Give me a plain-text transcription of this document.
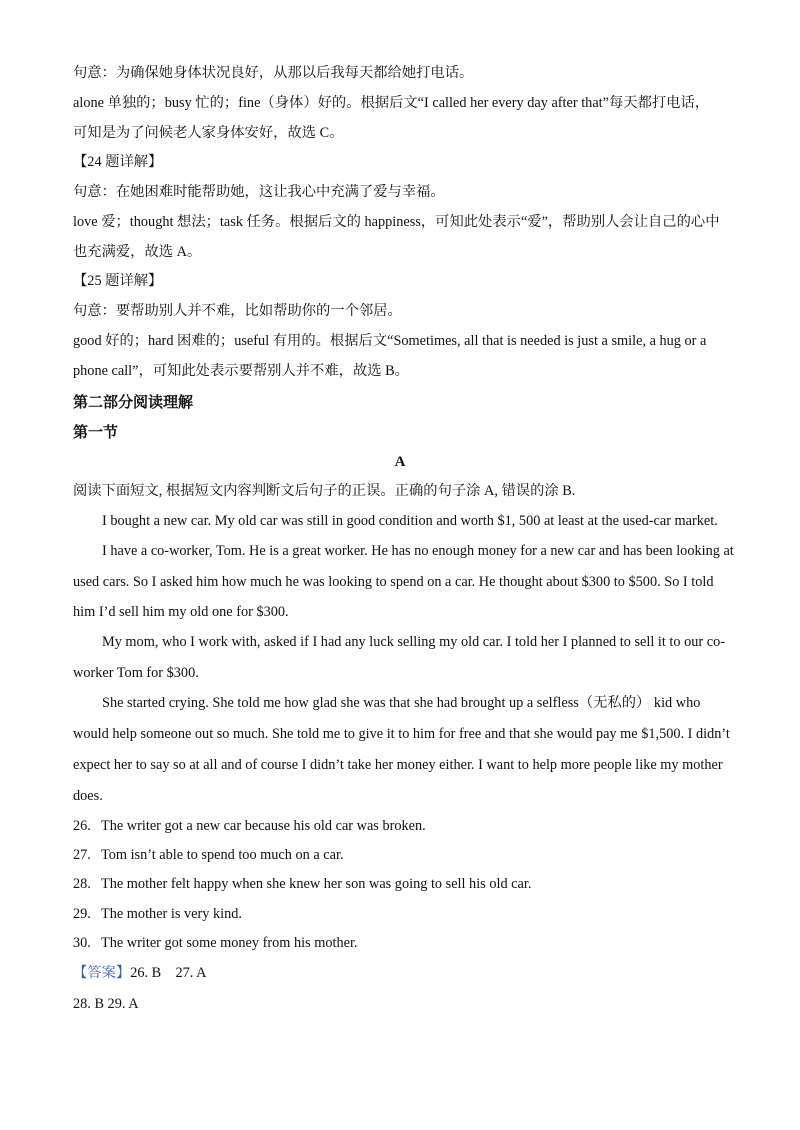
句意：为确保她身体状况良好，从那以后我每天都给她打电话。
alone 单独的；busy 忙的；fine（身体）好的。根据后文“I called her every day after that”每天都打电话，
可知是为了问候老人家身体安好，故选 C。
【24 题详解】
句意：在她困难时能帮助她，这让我心中充满了爱与幸福。
love 爱；thought 想法；task 任务。根据后文的 happiness，可知此处表示“爱”，帮助别人会让自己的心中
也充满爱，故选 A。
【25 题详解】
句意：要帮助别人并不难，比如帮助你的一个邻居。
good 好的；hard 困难的；useful 有用的。根据后文“Sometimes, all that is needed is just a smile, a hug or a
phone call”，可知此处表示要帮别人并不难，故选 B。
第二部分阅读理解
第一节
A
阅读下面短文, 根据短文内容判断文后句子的正误。正确的句子涂 A, 错误的涂 B.
I bought a new car. My old car was still in good condition and worth $1, 500 at least at the used-car market.
I have a co-worker, Tom. He is a great worker. He has no enough money for a new car and has been looking at
used cars. So I asked him how much he was looking to spend on a car. He thought about $300 to $500. So I told
him I’d sell him my old one for $300.
My mom, who I work with, asked if I had any luck selling my old car. I told her I planned to sell it to our co-
worker Tom for $300.
She started crying. She told me how glad she was that she had brought up a selfless（无私的） kid who
would help someone out so much. She told me to give it to him for free and that she would pay me $1,500. I didn’t
expect her to say so at all and of course I didn’t take her money either. I want to help more people like my mother
does.
26. The writer got a new car because his old car was broken.
27. Tom isn’t able to spend too much on a car.
28. The mother felt happy when she knew her son was going to sell his old car.
29. The mother is very kind.
30. The writer got some money from his mother.
【答案】26. B    27. A
28. B 29. A
